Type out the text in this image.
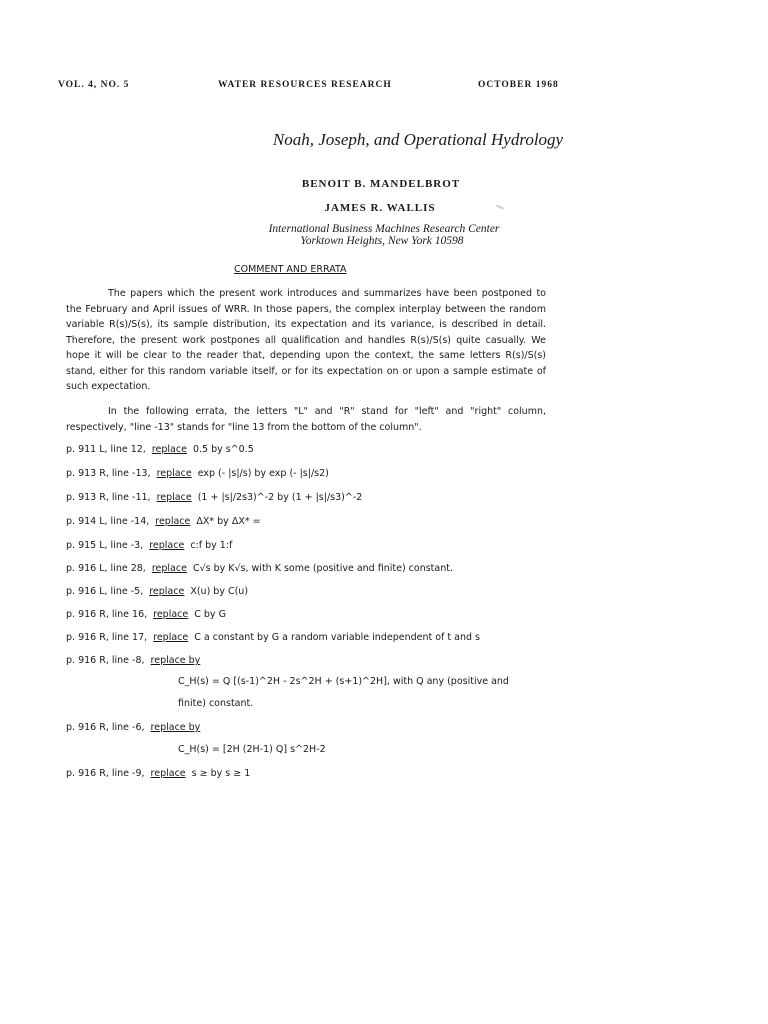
VOL. 4, NO. 5	WATER RESOURCES RESEARCH	OCTOBER 1968
Noah, Joseph, and Operational Hydrology
BENOIT B. MANDELBROT
JAMES R. WALLIS
International Business Machines Research Center
Yorktown Heights, New York 10598
COMMENT AND ERRATA

The papers which the present work introduces and summarizes have been postponed to the February and April issues of WRR. In those papers, the complex interplay between the random variable R(s)/S(s), its sample distribution, its expectation and its variance, is described in detail. Therefore, the present work postpones all qualification and handles R(s)/S(s) quite casually. We hope it will be clear to the reader that, depending upon the context, the same letters R(s)/S(s) stand, either for this random variable itself, or for its expectation on or upon a sample estimate of such expectation.

In the following errata, the letters "L" and "R" stand for "left" and "right" column, respectively, "line -13" stands for "line 13 from the bottom of the column".

p. 911 L, line 12, replace 0.5 by s^0.5
p. 913 R, line -13, replace exp (- |s|/s) by exp (- |s|/s2)
p. 913 R, line -11, replace (1 + |s|/2s3)^-2 by (1 + |s|/s3)^-2
p. 914 L, line -14, replace ΔX* by ΔX* =
p. 915 L, line -3, replace c:f by 1:f
p. 916 L, line 28, replace C√s by K√s, with K some (positive and finite) constant.
p. 916 L, line -5, replace X(u) by C(u)
p. 916 R, line 16, replace C by G
p. 916 R, line 17, replace C a constant by G a random variable independent of t and s
p. 916 R, line -8, replace by
C_H(s) = Q [(s-1)^2H - 2s^2H + (s+1)^2H], with Q any (positive and
finite) constant.
p. 916 R, line -6, replace by
C_H(s) = [2H (2H-1) Q] s^2H-2
p. 916 R, line -9, replace s ≥ by s ≥ 1
